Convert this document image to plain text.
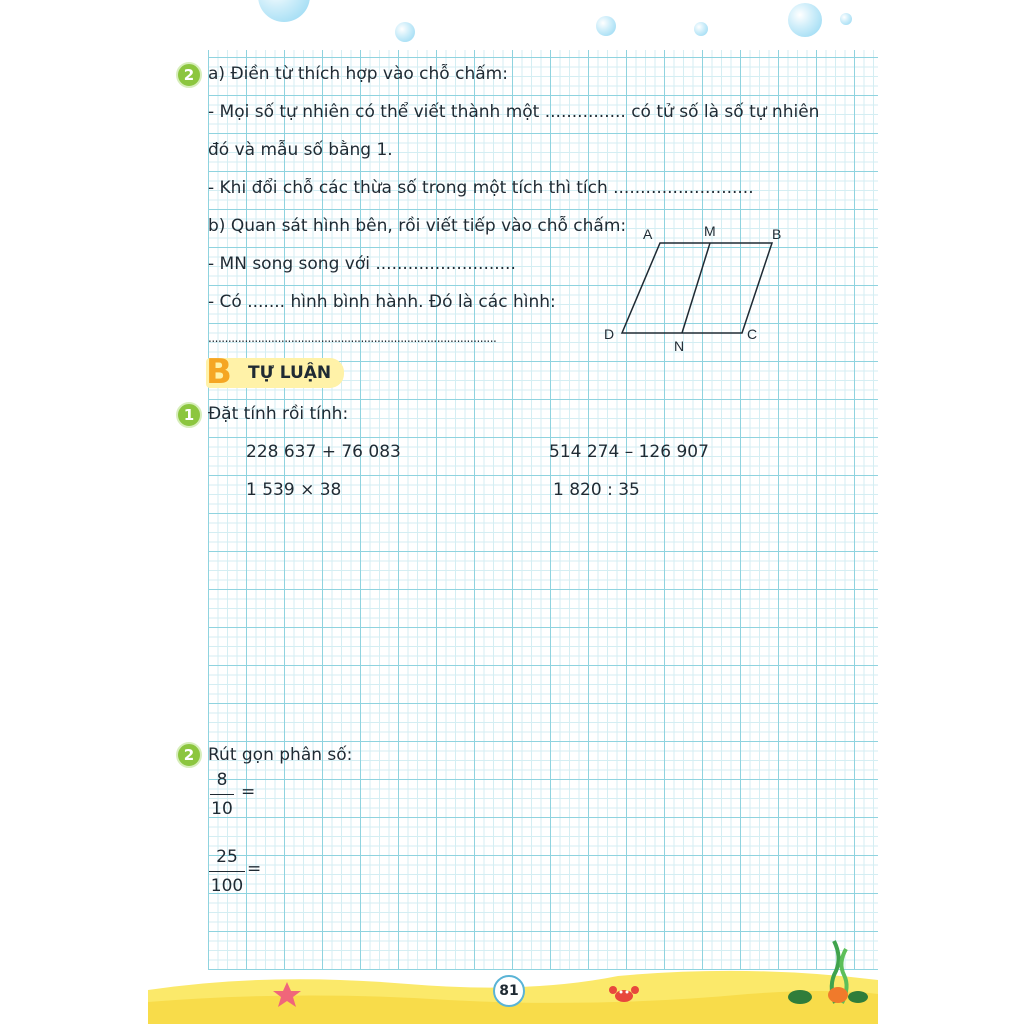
2 a) Điền từ thích hợp vào chỗ chấm:
- Mọi số tự nhiên có thể viết thành một ............... có tử số là số tự nhiên
đó và mẫu số bằng 1.
- Khi đổi chỗ các thừa số trong một tích thì tích ..........................
b) Quan sát hình bên, rồi viết tiếp vào chỗ chấm:
- MN song song với ..........................
- Có ....... hình bình hành. Đó là các hình:
.......................................................................................
A	M	B
D
N
C
B TỰ LUẬN
1 Đặt tính rồi tính:
228 637 + 76 083	514 274 – 126 907
1 539 × 38	1 820 : 35
2 Rút gọn phân số:
8
10
=
25
100
=
81
